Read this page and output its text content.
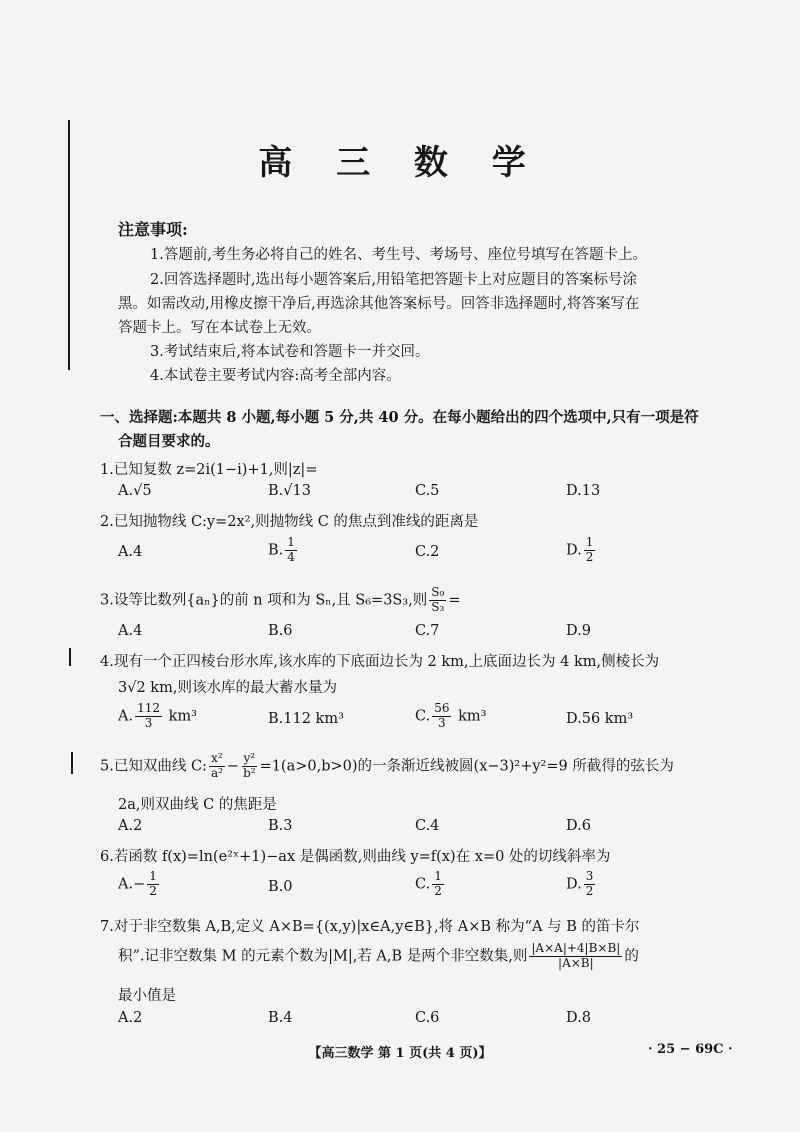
高 三 数 学
注意事项:
1.答题前,考生务必将自己的姓名、考生号、考场号、座位号填写在答题卡上。
2.回答选择题时,选出每小题答案后,用铅笔把答题卡上对应题目的答案标号涂
黑。如需改动,用橡皮擦干净后,再选涂其他答案标号。回答非选择题时,将答案写在
答题卡上。写在本试卷上无效。
3.考试结束后,将本试卷和答题卡一并交回。
4.本试卷主要考试内容:高考全部内容。
一、选择题:本题共 8 小题,每小题 5 分,共 40 分。在每小题给出的四个选项中,只有一项是符
合题目要求的。
1.已知复数 z=2i(1−i)+1,则|z|=
A.√5	B.√13	C.5	D.13
2.已知抛物线 C:y=2x²,则抛物线 C 的焦点到准线的距离是
A.4	B. $\frac{1}{4}$	C.2	D. $\frac{1}{2}$
3.设等比数列{aₙ}的前 n 项和为 Sₙ,且 S₆=3S₃,则 $\frac{\text{S₉}}{\text{S₃}}$ =
A.4	B.6	C.7	D.9
4.现有一个正四棱台形水库,该水库的下底面边长为 2 km,上底面边长为 4 km,侧棱长为
3√2 km,则该水库的最大蓄水量为
A. $\frac{112}{3} km^3$	B.112 km³	C. $\frac{56}{3} km^3$	D.56 km³
5.已知双曲线 C: $\frac{\text{x²}}{\text{a²}} - \frac{\text{y²}}{\text{b²}} =1(a>0,b>0)$的一条渐近线被圆(x−3)²+y²=9 所截得的弦长为
2a,则双曲线 C 的焦距是
A.2	B.3	C.4	D.6
6.若函数 f(x)=ln(e²ˣ+1)−ax 是偶函数,则曲线 y=f(x)在 x=0 处的切线斜率为
$A.- \frac{1}{2}$	B.0	C. $\frac{1}{2}$	D. $\frac{3}{2}$
7.对于非空数集 A,B,定义 A×B={(x,y)|x∈A,y∈B},将 A×B 称为“A 与 B 的笛卡尔
积”.记非空数集 M 的元素个数为|M|,若 A,B 是两个非空数集,则 $\frac{|A\times A|+4|B\times B|}{|A\times B|}$ 的
最小值是
A.2	B.4	C.6	D.8
【高三数学 第 1 页(共 4 页)】	· 25 − 69C ·
